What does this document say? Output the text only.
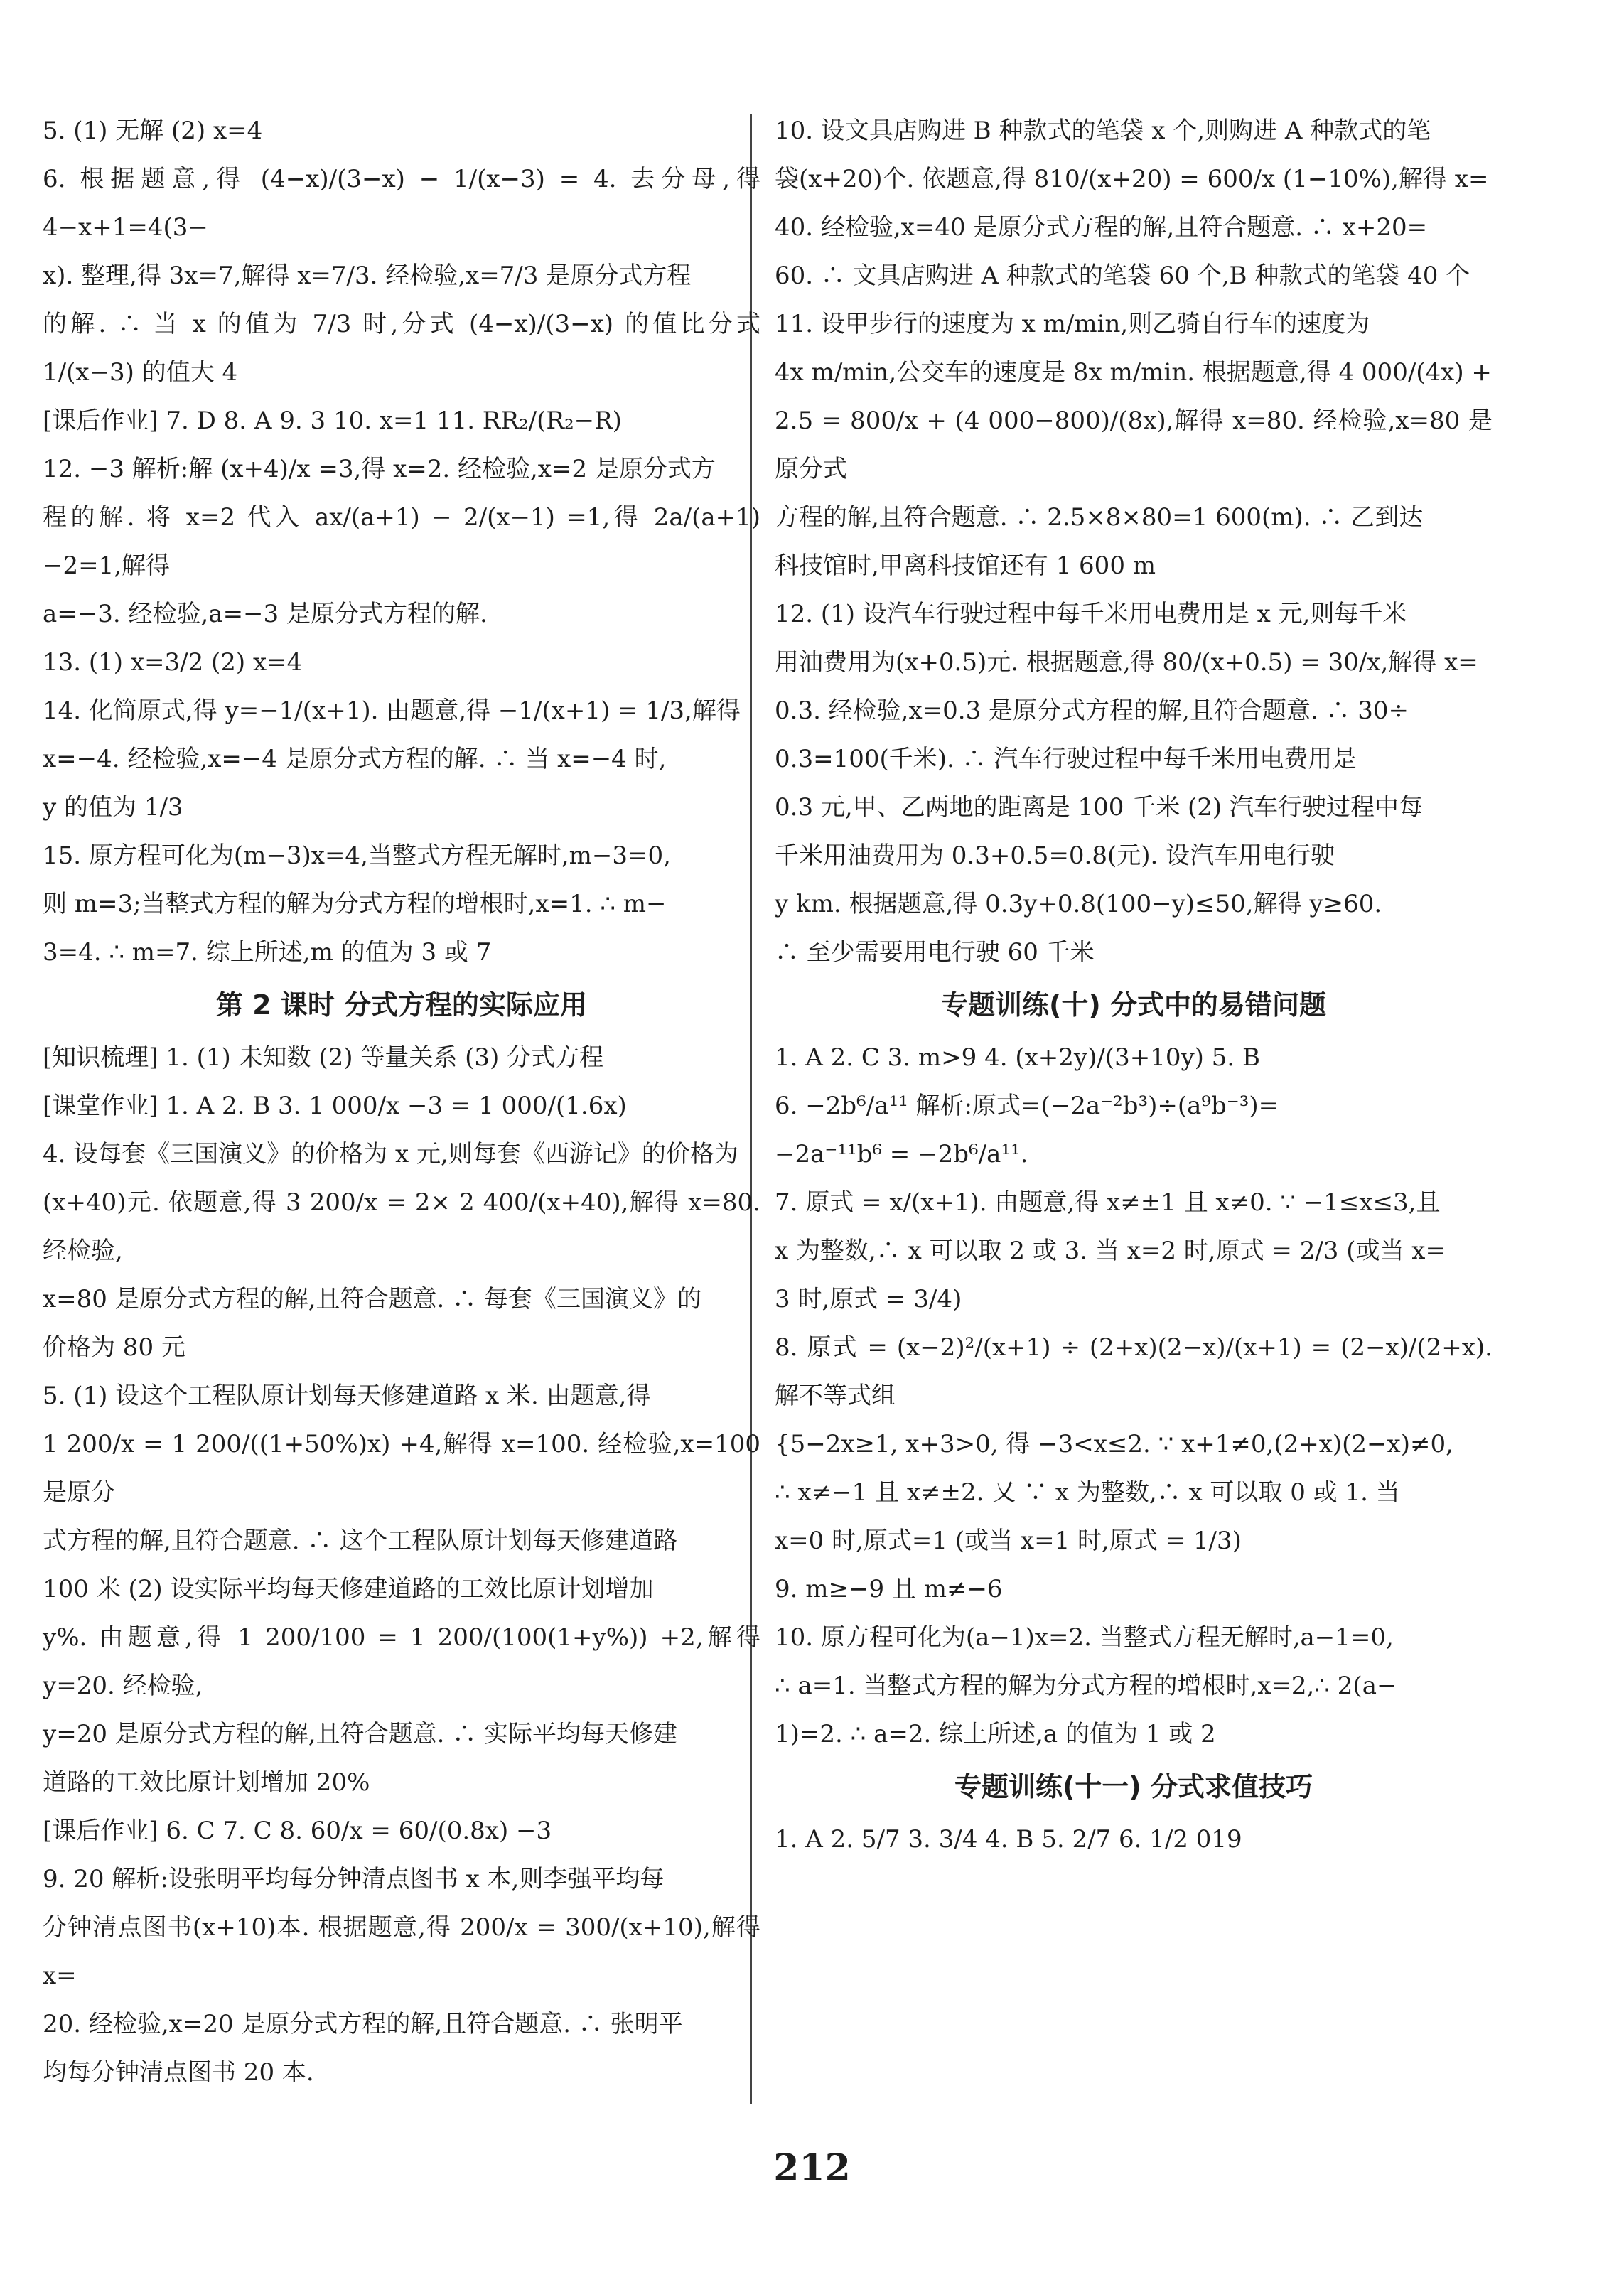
5. (1) 无解 (2) x=4

6. 根据题意,得 (4−x)/(3−x) − 1/(x−3) = 4. 去分母,得 4−x+1=4(3−

x). 整理,得 3x=7,解得 x=7/3. 经检验,x=7/3 是原分式方程

的解. ∴ 当 x 的值为 7/3 时,分式 (4−x)/(3−x) 的值比分式 1/(x−3) 的值大 4

[课后作业] 7. D 8. A 9. 3 10. x=1 11. RR₂/(R₂−R)

12. −3 解析:解 (x+4)/x =3,得 x=2. 经检验,x=2 是原分式方

程的解. 将 x=2 代入 ax/(a+1) − 2/(x−1) =1,得 2a/(a+1) −2=1,解得

a=−3. 经检验,a=−3 是原分式方程的解.

13. (1) x=3/2 (2) x=4

14. 化简原式,得 y=−1/(x+1). 由题意,得 −1/(x+1) = 1/3,解得

x=−4. 经检验,x=−4 是原分式方程的解. ∴ 当 x=−4 时,

y 的值为 1/3

15. 原方程可化为(m−3)x=4,当整式方程无解时,m−3=0,

则 m=3;当整式方程的解为分式方程的增根时,x=1. ∴ m−

3=4. ∴ m=7. 综上所述,m 的值为 3 或 7

第 2 课时 分式方程的实际应用

[知识梳理] 1. (1) 未知数 (2) 等量关系 (3) 分式方程

[课堂作业] 1. A 2. B 3. 1 000/x −3 = 1 000/(1.6x)

4. 设每套《三国演义》的价格为 x 元,则每套《西游记》的价格为

(x+40)元. 依题意,得 3 200/x = 2× 2 400/(x+40),解得 x=80. 经检验,

x=80 是原分式方程的解,且符合题意. ∴ 每套《三国演义》的

价格为 80 元

5. (1) 设这个工程队原计划每天修建道路 x 米. 由题意,得

1 200/x = 1 200/((1+50%)x) +4,解得 x=100. 经检验,x=100 是原分

式方程的解,且符合题意. ∴ 这个工程队原计划每天修建道路

100 米 (2) 设实际平均每天修建道路的工效比原计划增加

y%. 由题意,得 1 200/100 = 1 200/(100(1+y%)) +2,解得 y=20. 经检验,

y=20 是原分式方程的解,且符合题意. ∴ 实际平均每天修建

道路的工效比原计划增加 20%

[课后作业] 6. C 7. C 8. 60/x = 60/(0.8x) −3

9. 20 解析:设张明平均每分钟清点图书 x 本,则李强平均每

分钟清点图书(x+10)本. 根据题意,得 200/x = 300/(x+10),解得 x=

20. 经检验,x=20 是原分式方程的解,且符合题意. ∴ 张明平

均每分钟清点图书 20 本.

10. 设文具店购进 B 种款式的笔袋 x 个,则购进 A 种款式的笔

袋(x+20)个. 依题意,得 810/(x+20) = 600/x (1−10%),解得 x=

40. 经检验,x=40 是原分式方程的解,且符合题意. ∴ x+20=

60. ∴ 文具店购进 A 种款式的笔袋 60 个,B 种款式的笔袋 40 个

11. 设甲步行的速度为 x m/min,则乙骑自行车的速度为

4x m/min,公交车的速度是 8x m/min. 根据题意,得 4 000/(4x) +

2.5 = 800/x + (4 000−800)/(8x),解得 x=80. 经检验,x=80 是原分式

方程的解,且符合题意. ∴ 2.5×8×80=1 600(m). ∴ 乙到达

科技馆时,甲离科技馆还有 1 600 m

12. (1) 设汽车行驶过程中每千米用电费用是 x 元,则每千米

用油费用为(x+0.5)元. 根据题意,得 80/(x+0.5) = 30/x,解得 x=

0.3. 经检验,x=0.3 是原分式方程的解,且符合题意. ∴ 30÷

0.3=100(千米). ∴ 汽车行驶过程中每千米用电费用是

0.3 元,甲、乙两地的距离是 100 千米 (2) 汽车行驶过程中每

千米用油费用为 0.3+0.5=0.8(元). 设汽车用电行驶

y km. 根据题意,得 0.3y+0.8(100−y)≤50,解得 y≥60.

∴ 至少需要用电行驶 60 千米

专题训练(十) 分式中的易错问题

1. A 2. C 3. m>9 4. (x+2y)/(3+10y) 5. B

6. −2b⁶/a¹¹ 解析:原式=(−2a⁻²b³)÷(a⁹b⁻³)=

−2a⁻¹¹b⁶ = −2b⁶/a¹¹.

7. 原式 = x/(x+1). 由题意,得 x≠±1 且 x≠0. ∵ −1≤x≤3,且

x 为整数,∴ x 可以取 2 或 3. 当 x=2 时,原式 = 2/3 (或当 x=

3 时,原式 = 3/4)

8. 原式 = (x−2)²/(x+1) ÷ (2+x)(2−x)/(x+1) = (2−x)/(2+x). 解不等式组

{5−2x≥1, x+3>0, 得 −3<x≤2. ∵ x+1≠0,(2+x)(2−x)≠0,

∴ x≠−1 且 x≠±2. 又 ∵ x 为整数,∴ x 可以取 0 或 1. 当

x=0 时,原式=1 (或当 x=1 时,原式 = 1/3)

9. m≥−9 且 m≠−6

10. 原方程可化为(a−1)x=2. 当整式方程无解时,a−1=0,

∴ a=1. 当整式方程的解为分式方程的增根时,x=2,∴ 2(a−

1)=2. ∴ a=2. 综上所述,a 的值为 1 或 2

专题训练(十一) 分式求值技巧

1. A 2. 5/7 3. 3/4 4. B 5. 2/7 6. 1/2 019

212
